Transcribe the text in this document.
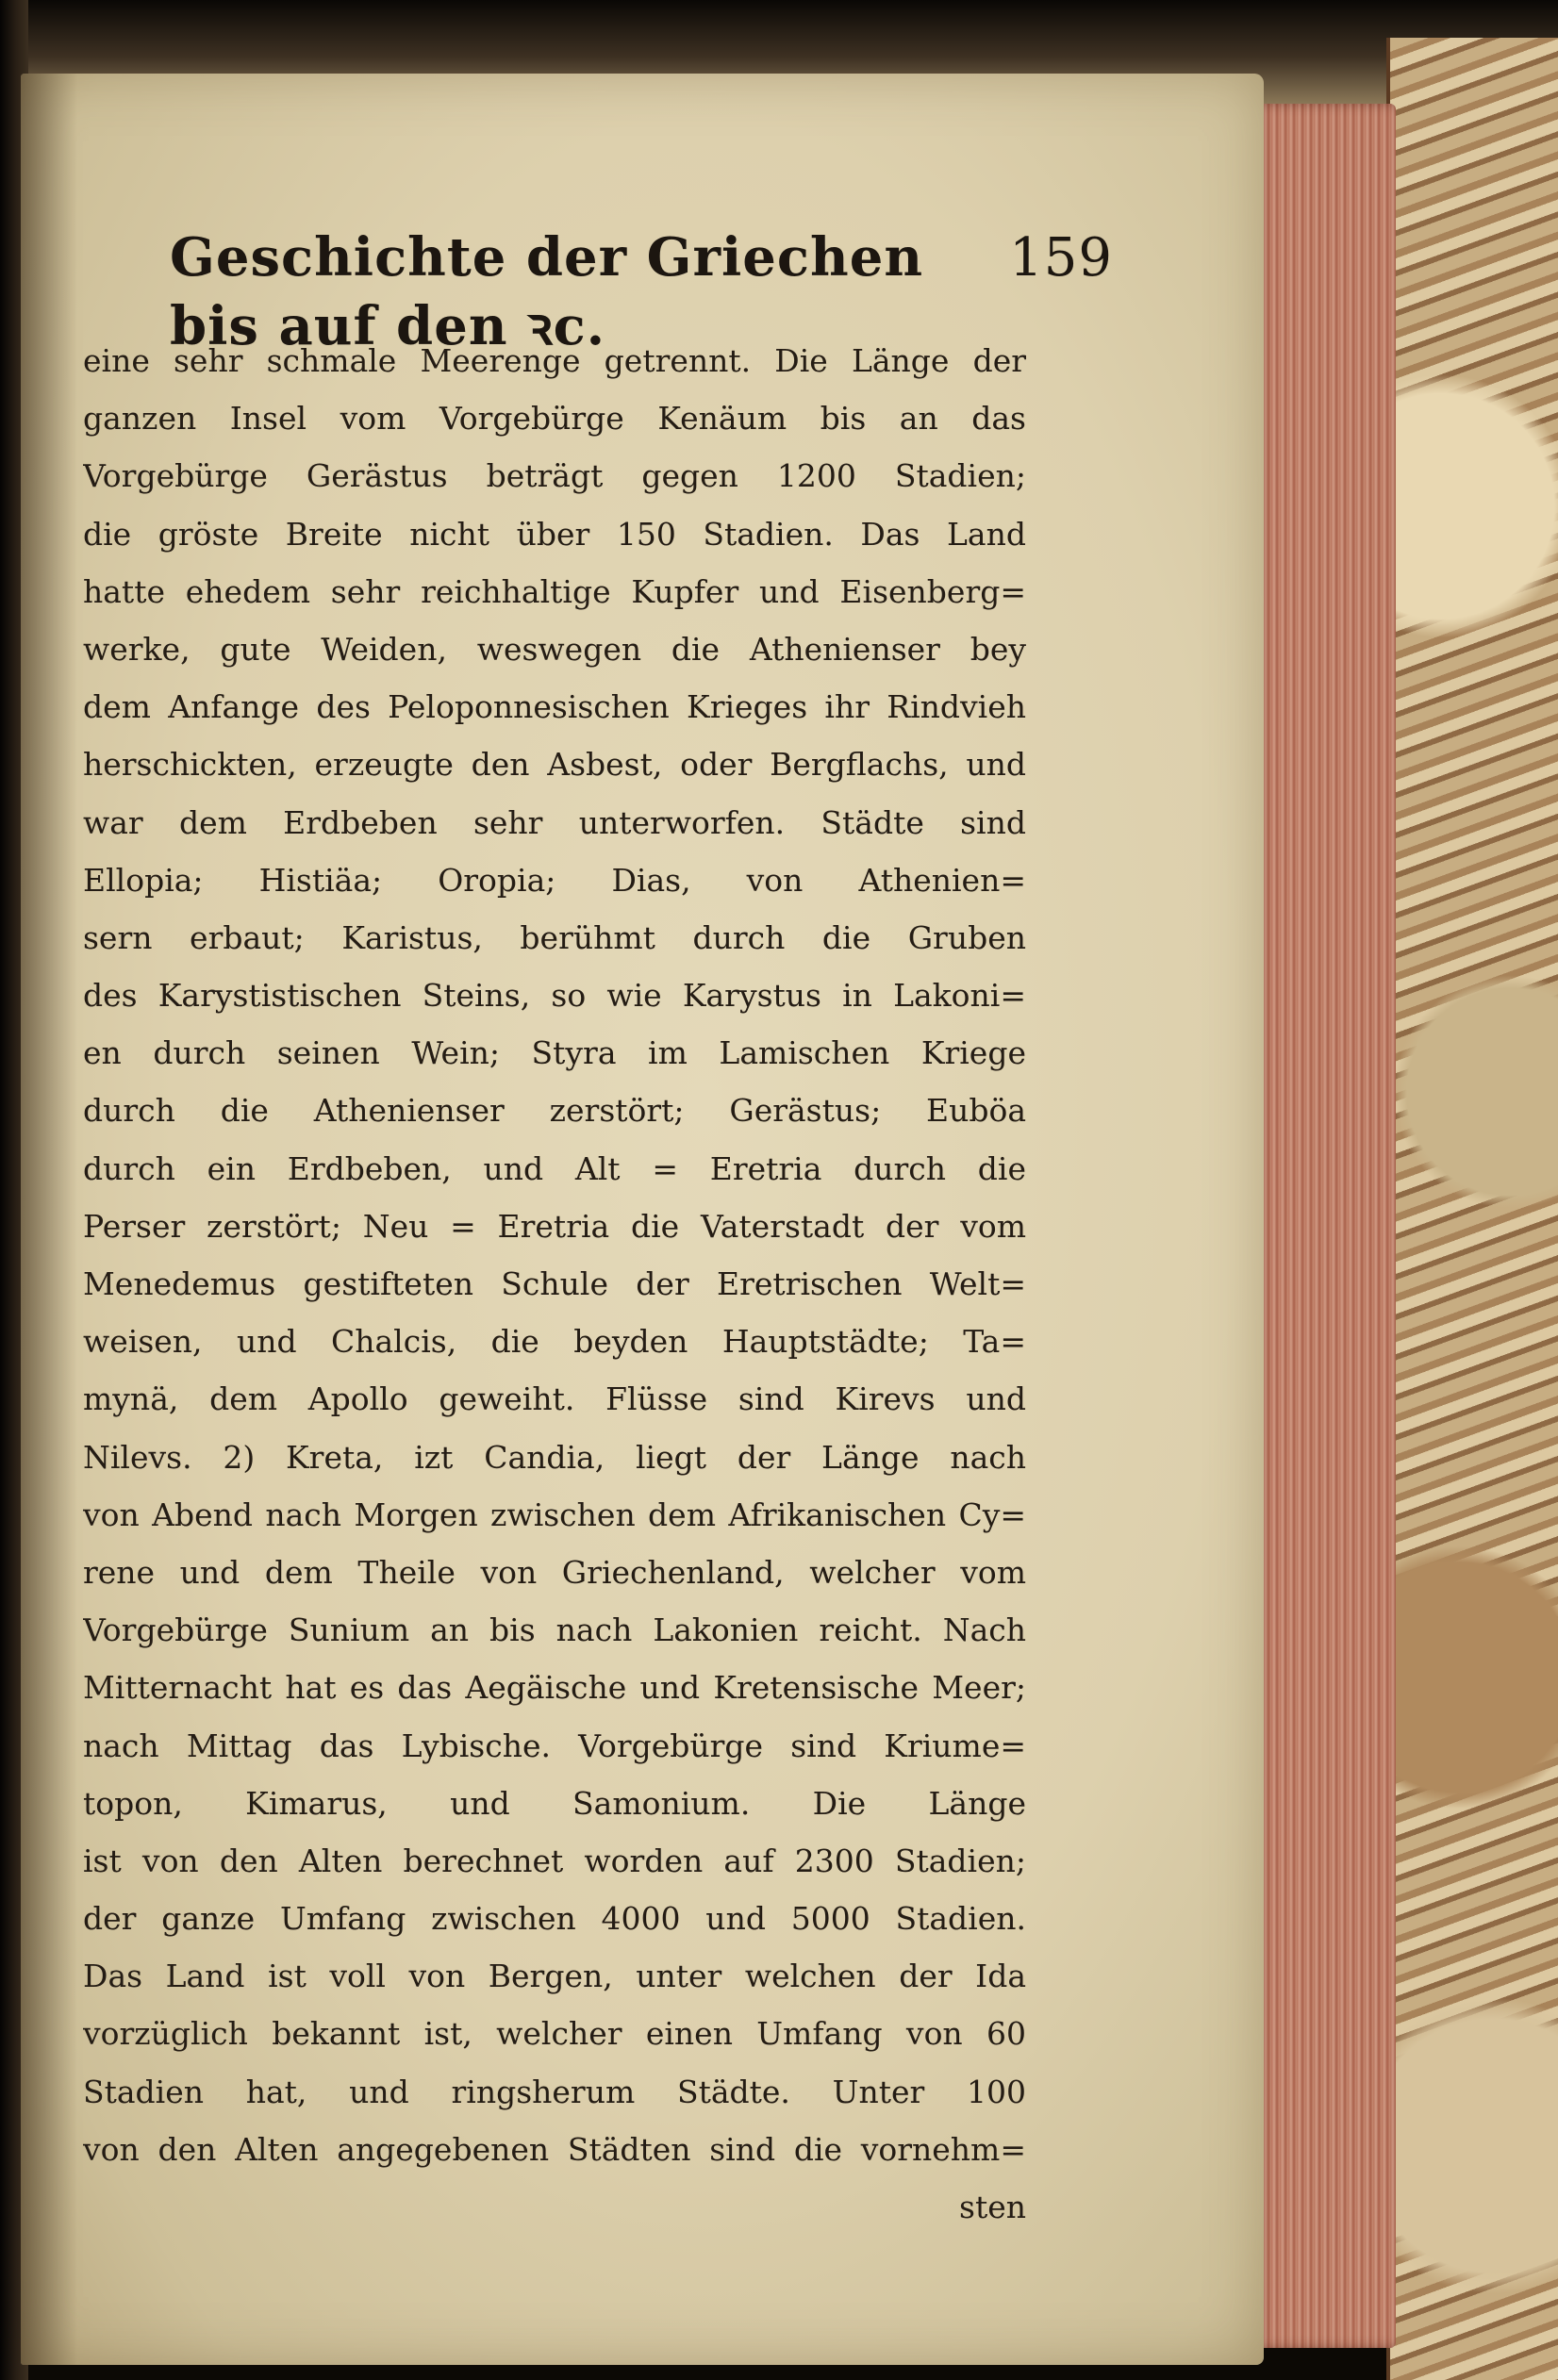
Geschichte der Griechen bis auf den ꝛc.
159
eine sehr schmale Meerenge getrennt. Die Länge der
ganzen Insel vom Vorgebürge Kenäum bis an das
Vorgebürge Gerästus beträgt gegen 1200 Stadien;
die gröste Breite nicht über 150 Stadien. Das Land
hatte ehedem sehr reichhaltige Kupfer und Eisenberg=
werke, gute Weiden, weswegen die Athenienser bey
dem Anfange des Peloponnesischen Krieges ihr Rindvieh
herschickten, erzeugte den Asbest, oder Bergflachs, und
war dem Erdbeben sehr unterworfen. Städte sind
Ellopia; Histiäa; Oropia; Dias, von Athenien=
sern erbaut; Karistus, berühmt durch die Gruben
des Karystistischen Steins, so wie Karystus in Lakoni=
en durch seinen Wein; Styra im Lamischen Kriege
durch die Athenienser zerstört; Gerästus; Euböa
durch ein Erdbeben, und Alt = Eretria durch die
Perser zerstört; Neu = Eretria die Vaterstadt der vom
Menedemus gestifteten Schule der Eretrischen Welt=
weisen, und Chalcis, die beyden Hauptstädte; Ta=
mynä, dem Apollo geweiht. Flüsse sind Kirevs und
Nilevs. 2) Kreta, izt Candia, liegt der Länge nach
von Abend nach Morgen zwischen dem Afrikanischen Cy=
rene und dem Theile von Griechenland, welcher vom
Vorgebürge Sunium an bis nach Lakonien reicht. Nach
Mitternacht hat es das Aegäische und Kretensische Meer;
nach Mittag das Lybische. Vorgebürge sind Kriume=
topon, Kimarus, und Samonium. Die Länge
ist von den Alten berechnet worden auf 2300 Stadien;
der ganze Umfang zwischen 4000 und 5000 Stadien.
Das Land ist voll von Bergen, unter welchen der Ida
vorzüglich bekannt ist, welcher einen Umfang von 60
Stadien hat, und ringsherum Städte. Unter 100
von den Alten angegebenen Städten sind die vornehm=
sten
